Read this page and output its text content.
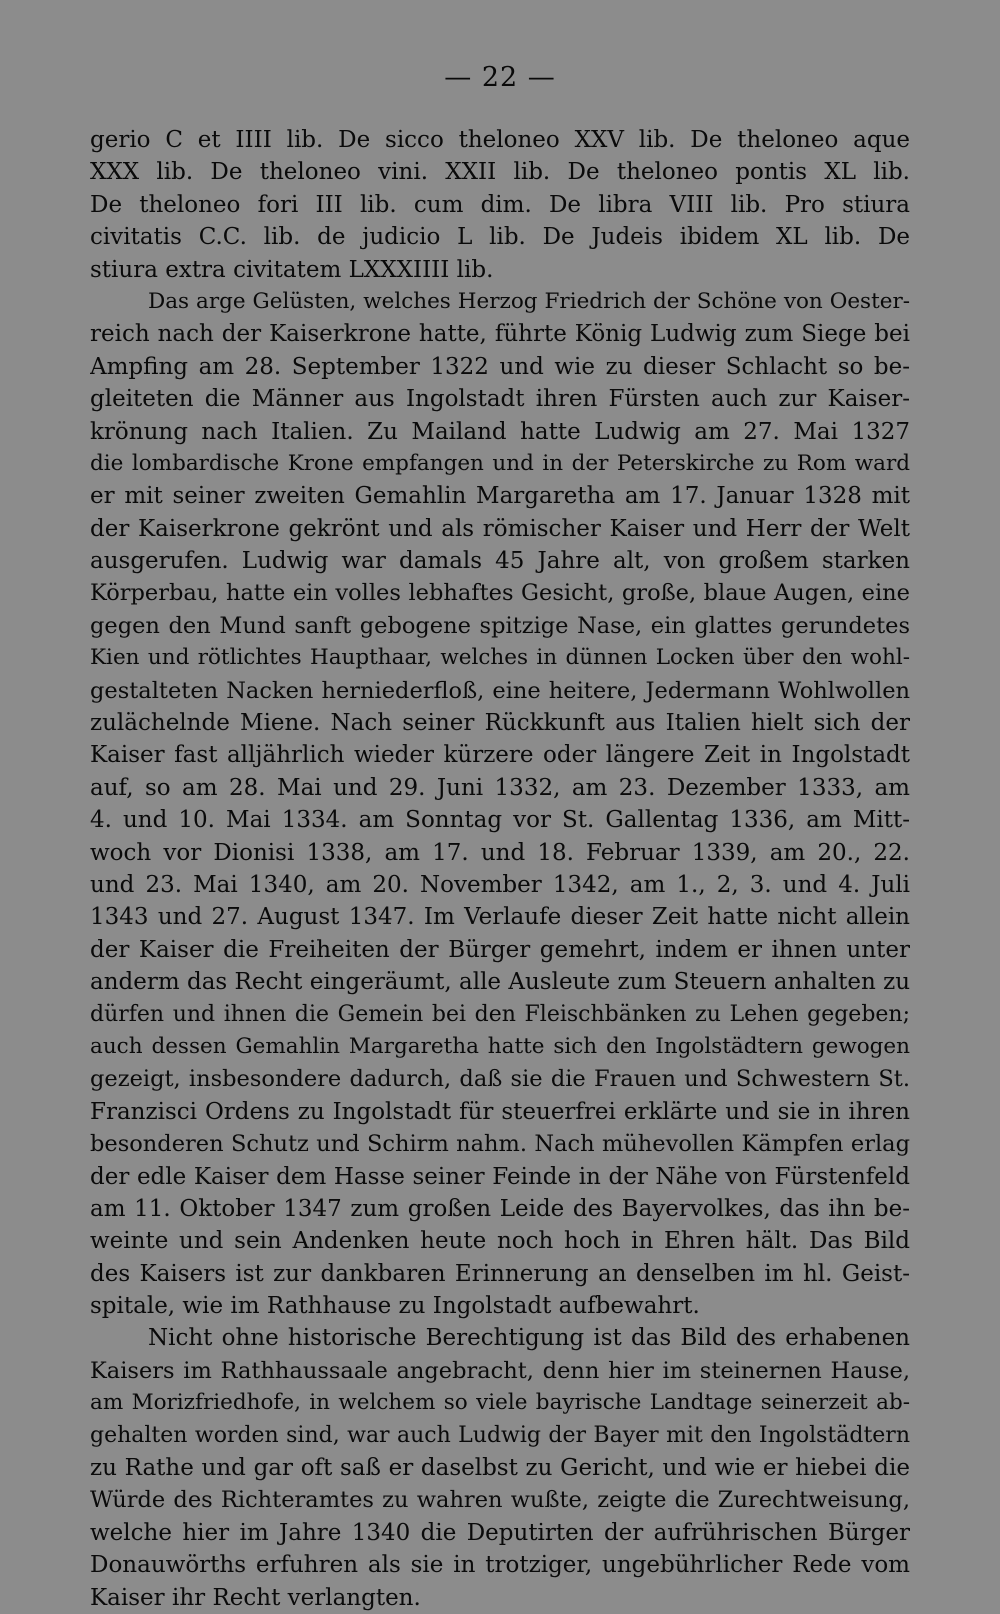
— 22 —
gerio C et IIII lib. De sicco theloneo XXV lib. De theloneo aque
XXX lib. De theloneo vini. XXII lib. De theloneo pontis XL lib.
De theloneo fori III lib. cum dim. De libra VIII lib. Pro stiura
civitatis C.C. lib. de judicio L lib. De Judeis ibidem XL lib. De
stiura extra civitatem LXXXIIII lib.
Das arge Gelüsten, welches Herzog Friedrich der Schöne von Oester-
reich nach der Kaiserkrone hatte, führte König Ludwig zum Siege bei
Ampfing am 28. September 1322 und wie zu dieser Schlacht so be-
gleiteten die Männer aus Ingolstadt ihren Fürsten auch zur Kaiser-
krönung nach Italien. Zu Mailand hatte Ludwig am 27. Mai 1327
die lombardische Krone empfangen und in der Peterskirche zu Rom ward
er mit seiner zweiten Gemahlin Margaretha am 17. Januar 1328 mit
der Kaiserkrone gekrönt und als römischer Kaiser und Herr der Welt
ausgerufen. Ludwig war damals 45 Jahre alt, von großem starken
Körperbau, hatte ein volles lebhaftes Gesicht, große, blaue Augen, eine
gegen den Mund sanft gebogene spitzige Nase, ein glattes gerundetes
Kien und rötlichtes Haupthaar, welches in dünnen Locken über den wohl-
gestalteten Nacken herniederfloß, eine heitere, Jedermann Wohlwollen
zulächelnde Miene. Nach seiner Rückkunft aus Italien hielt sich der
Kaiser fast alljährlich wieder kürzere oder längere Zeit in Ingolstadt
auf, so am 28. Mai und 29. Juni 1332, am 23. Dezember 1333, am
4. und 10. Mai 1334. am Sonntag vor St. Gallentag 1336, am Mitt-
woch vor Dionisi 1338, am 17. und 18. Februar 1339, am 20., 22.
und 23. Mai 1340, am 20. November 1342, am 1., 2, 3. und 4. Juli
1343 und 27. August 1347. Im Verlaufe dieser Zeit hatte nicht allein
der Kaiser die Freiheiten der Bürger gemehrt, indem er ihnen unter
anderm das Recht eingeräumt, alle Ausleute zum Steuern anhalten zu
dürfen und ihnen die Gemein bei den Fleischbänken zu Lehen gegeben;
auch dessen Gemahlin Margaretha hatte sich den Ingolstädtern gewogen
gezeigt, insbesondere dadurch, daß sie die Frauen und Schwestern St.
Franzisci Ordens zu Ingolstadt für steuerfrei erklärte und sie in ihren
besonderen Schutz und Schirm nahm. Nach mühevollen Kämpfen erlag
der edle Kaiser dem Hasse seiner Feinde in der Nähe von Fürstenfeld
am 11. Oktober 1347 zum großen Leide des Bayervolkes, das ihn be-
weinte und sein Andenken heute noch hoch in Ehren hält. Das Bild
des Kaisers ist zur dankbaren Erinnerung an denselben im hl. Geist-
spitale, wie im Rathhause zu Ingolstadt aufbewahrt.
Nicht ohne historische Berechtigung ist das Bild des erhabenen
Kaisers im Rathhaussaale angebracht, denn hier im steinernen Hause,
am Morizfriedhofe, in welchem so viele bayrische Landtage seinerzeit ab-
gehalten worden sind, war auch Ludwig der Bayer mit den Ingolstädtern
zu Rathe und gar oft saß er daselbst zu Gericht, und wie er hiebei die
Würde des Richteramtes zu wahren wußte, zeigte die Zurechtweisung,
welche hier im Jahre 1340 die Deputirten der aufrührischen Bürger
Donauwörths erfuhren als sie in trotziger, ungebührlicher Rede vom
Kaiser ihr Recht verlangten.
